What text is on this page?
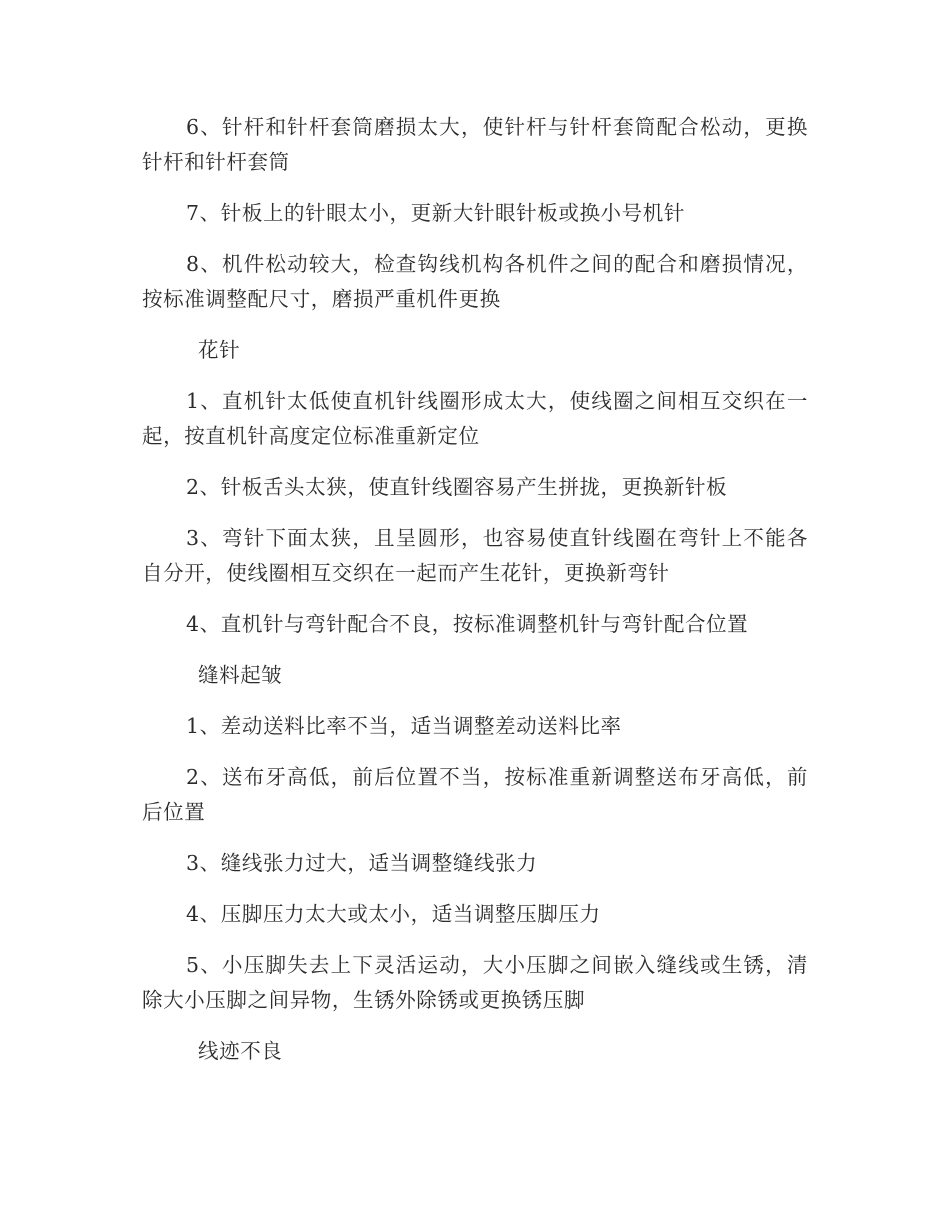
6、针杆和针杆套筒磨损太大，使针杆与针杆套筒配合松动，更换针杆和针杆套筒

7、针板上的针眼太小，更新大针眼针板或换小号机针

8、机件松动较大，检查钩线机构各机件之间的配合和磨损情况，按标准调整配尺寸，磨损严重机件更换

花针

1、直机针太低使直机针线圈形成太大，使线圈之间相互交织在一起，按直机针高度定位标准重新定位

2、针板舌头太狭，使直针线圈容易产生拼拢，更换新针板

3、弯针下面太狭，且呈圆形，也容易使直针线圈在弯针上不能各自分开，使线圈相互交织在一起而产生花针，更换新弯针

4、直机针与弯针配合不良，按标准调整机针与弯针配合位置

缝料起皱

1、差动送料比率不当，适当调整差动送料比率

2、送布牙高低，前后位置不当，按标准重新调整送布牙高低，前后位置

3、缝线张力过大，适当调整缝线张力

4、压脚压力太大或太小，适当调整压脚压力

5、小压脚失去上下灵活运动，大小压脚之间嵌入缝线或生锈，清除大小压脚之间异物，生锈外除锈或更换锈压脚

线迹不良
